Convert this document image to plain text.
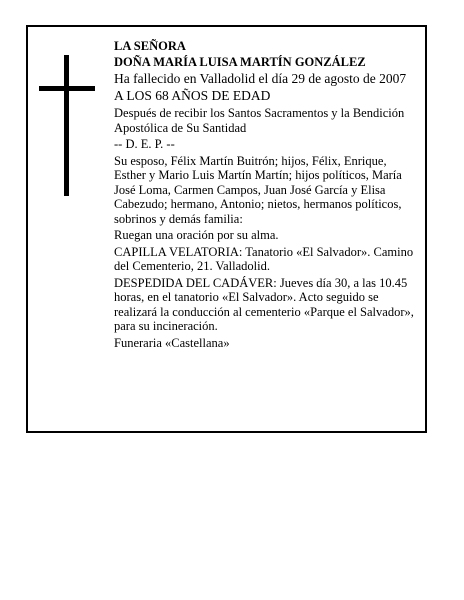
LA SEÑORA
DOÑA MARÍA LUISA MARTÍN GONZÁLEZ
Ha fallecido en Valladolid el día 29 de agosto de 2007
A LOS 68 AÑOS DE EDAD
Después de recibir los Santos Sacramentos y la Bendición Apostólica de Su Santidad
-- D. E. P. --
Su esposo, Félix Martín Buitrón; hijos, Félix, Enrique, Esther y Mario Luis Martín Martín; hijos políticos, María José Loma, Carmen Campos, Juan José García y Elisa Cabezudo; hermano, Antonio; nietos, hermanos políticos, sobrinos y demás familia:
Ruegan una oración por su alma.
CAPILLA VELATORIA: Tanatorio «El Salvador». Camino del Cementerio, 21. Valladolid.
DESPEDIDA DEL CADÁVER: Jueves día 30, a las 10.45 horas, en el tanatorio «El Salvador». Acto seguido se realizará la conducción al cementerio «Parque el Salvador», para su incineración.
Funeraria «Castellana»
